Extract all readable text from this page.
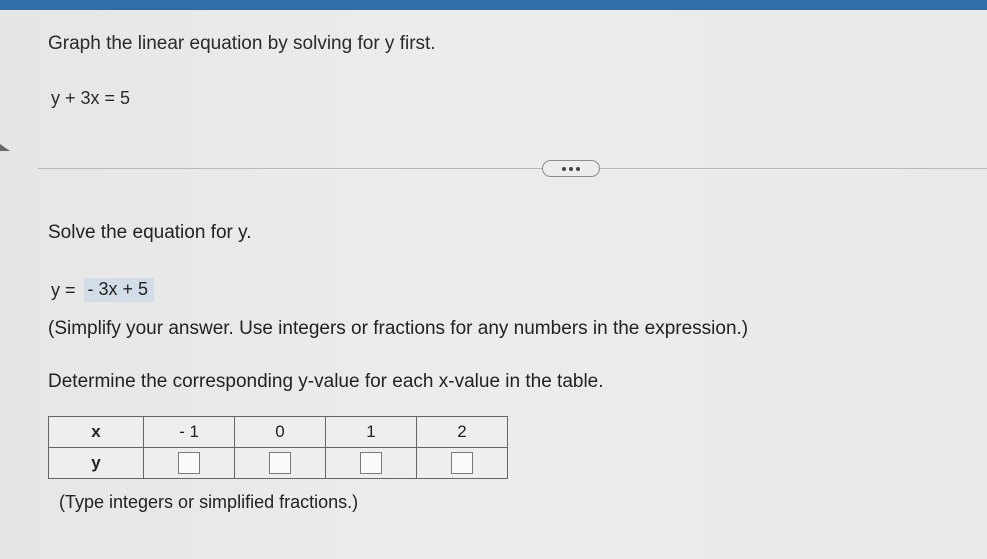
Graph the linear equation by solving for y first.
y + 3x = 5
Solve the equation for y.
y = - 3x + 5
(Simplify your answer. Use integers or fractions for any numbers in the expression.)
Determine the corresponding y-value for each x-value in the table.
x	- 1	0	1	2
y				
(Type integers or simplified fractions.)
